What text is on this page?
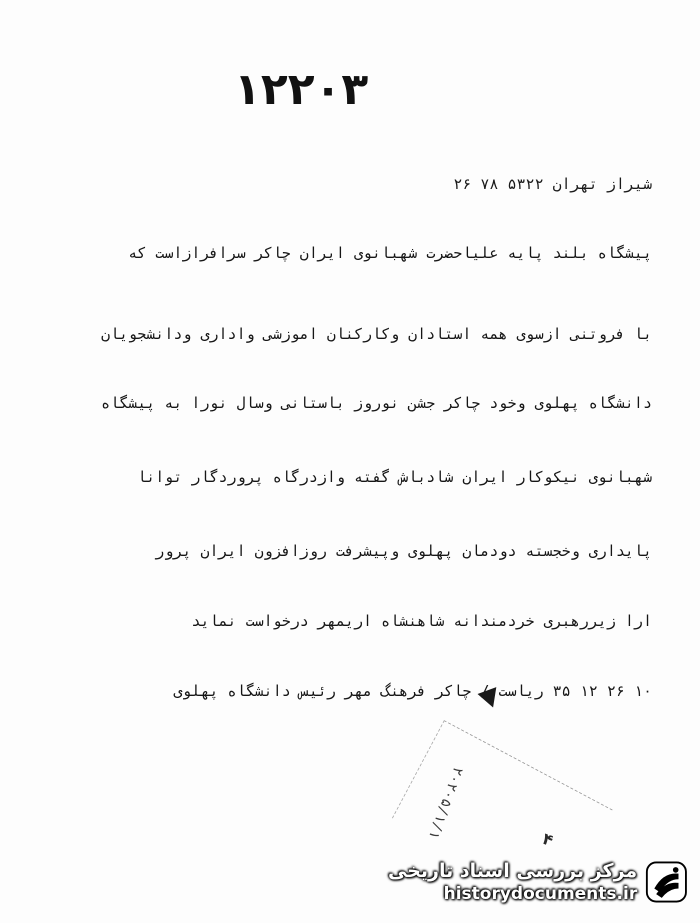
۱۲۲۰۳
شیراز تهران ۵۳۲۲ ۷۸ ۲۶
پیشگاه بلند پایه علیاحضرت شهبانوی ایران چاکر سرافرازاست که
با فروتنی ازسوی همه استادان وکارکنان اموزشی واداری ودانشجویان
دانشگاه پهلوی وخود چاکر جشن نوروز باستانی وسال نورا به پیشگاه
شهبانوی نیکوکار ایران شادباش گفته وازدرگاه پروردگار توانا
پایداری وخجسته دودمان پهلوی وپیشرفت روزافزون ایران پرور
ارا زیررهبری خردمندانه شاهنشاه اریمهر درخواست نماید
۱۰ ۲۶ ۱۲ ۳۵ ریاست / چاکر فرهنگ مهر رئیس دانشگاه پهلوی
۲۰۲۰۵/۱/۱	۴
مرکز بررسی اسناد تاریخی
historydocuments.ir
